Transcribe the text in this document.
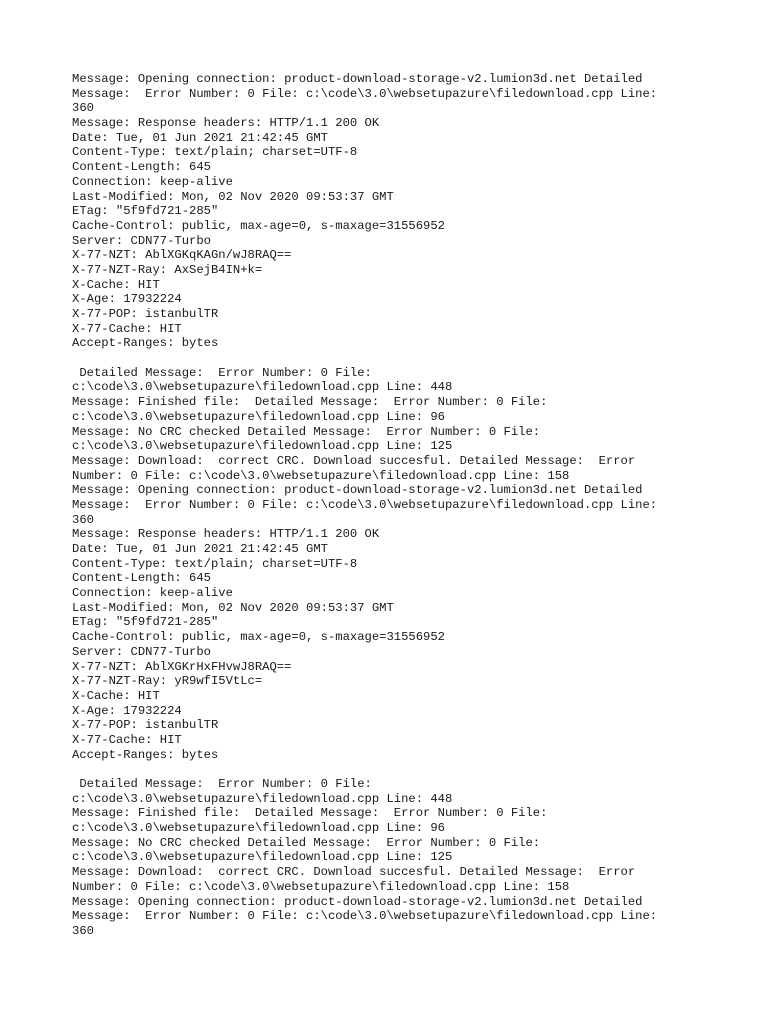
Message: Opening connection: product-download-storage-v2.lumion3d.net Detailed
Message:  Error Number: 0 File: c:\code\3.0\websetupazure\filedownload.cpp Line:
360
Message: Response headers: HTTP/1.1 200 OK
Date: Tue, 01 Jun 2021 21:42:45 GMT
Content-Type: text/plain; charset=UTF-8
Content-Length: 645
Connection: keep-alive
Last-Modified: Mon, 02 Nov 2020 09:53:37 GMT
ETag: "5f9fd721-285"
Cache-Control: public, max-age=0, s-maxage=31556952
Server: CDN77-Turbo
X-77-NZT: AblXGKqKAGn/wJ8RAQ==
X-77-NZT-Ray: AxSejB4IN+k=
X-Cache: HIT
X-Age: 17932224
X-77-POP: istanbulTR
X-77-Cache: HIT
Accept-Ranges: bytes
Detailed Message:  Error Number: 0 File:
c:\code\3.0\websetupazure\filedownload.cpp Line: 448
Message: Finished file:  Detailed Message:  Error Number: 0 File:
c:\code\3.0\websetupazure\filedownload.cpp Line: 96
Message: No CRC checked Detailed Message:  Error Number: 0 File:
c:\code\3.0\websetupazure\filedownload.cpp Line: 125
Message: Download:  correct CRC. Download succesful. Detailed Message:  Error
Number: 0 File: c:\code\3.0\websetupazure\filedownload.cpp Line: 158
Message: Opening connection: product-download-storage-v2.lumion3d.net Detailed
Message:  Error Number: 0 File: c:\code\3.0\websetupazure\filedownload.cpp Line:
360
Message: Response headers: HTTP/1.1 200 OK
Date: Tue, 01 Jun 2021 21:42:45 GMT
Content-Type: text/plain; charset=UTF-8
Content-Length: 645
Connection: keep-alive
Last-Modified: Mon, 02 Nov 2020 09:53:37 GMT
ETag: "5f9fd721-285"
Cache-Control: public, max-age=0, s-maxage=31556952
Server: CDN77-Turbo
X-77-NZT: AblXGKrHxFHvwJ8RAQ==
X-77-NZT-Ray: yR9wfI5VtLc=
X-Cache: HIT
X-Age: 17932224
X-77-POP: istanbulTR
X-77-Cache: HIT
Accept-Ranges: bytes
Detailed Message:  Error Number: 0 File:
c:\code\3.0\websetupazure\filedownload.cpp Line: 448
Message: Finished file:  Detailed Message:  Error Number: 0 File:
c:\code\3.0\websetupazure\filedownload.cpp Line: 96
Message: No CRC checked Detailed Message:  Error Number: 0 File:
c:\code\3.0\websetupazure\filedownload.cpp Line: 125
Message: Download:  correct CRC. Download succesful. Detailed Message:  Error
Number: 0 File: c:\code\3.0\websetupazure\filedownload.cpp Line: 158
Message: Opening connection: product-download-storage-v2.lumion3d.net Detailed
Message:  Error Number: 0 File: c:\code\3.0\websetupazure\filedownload.cpp Line:
360
